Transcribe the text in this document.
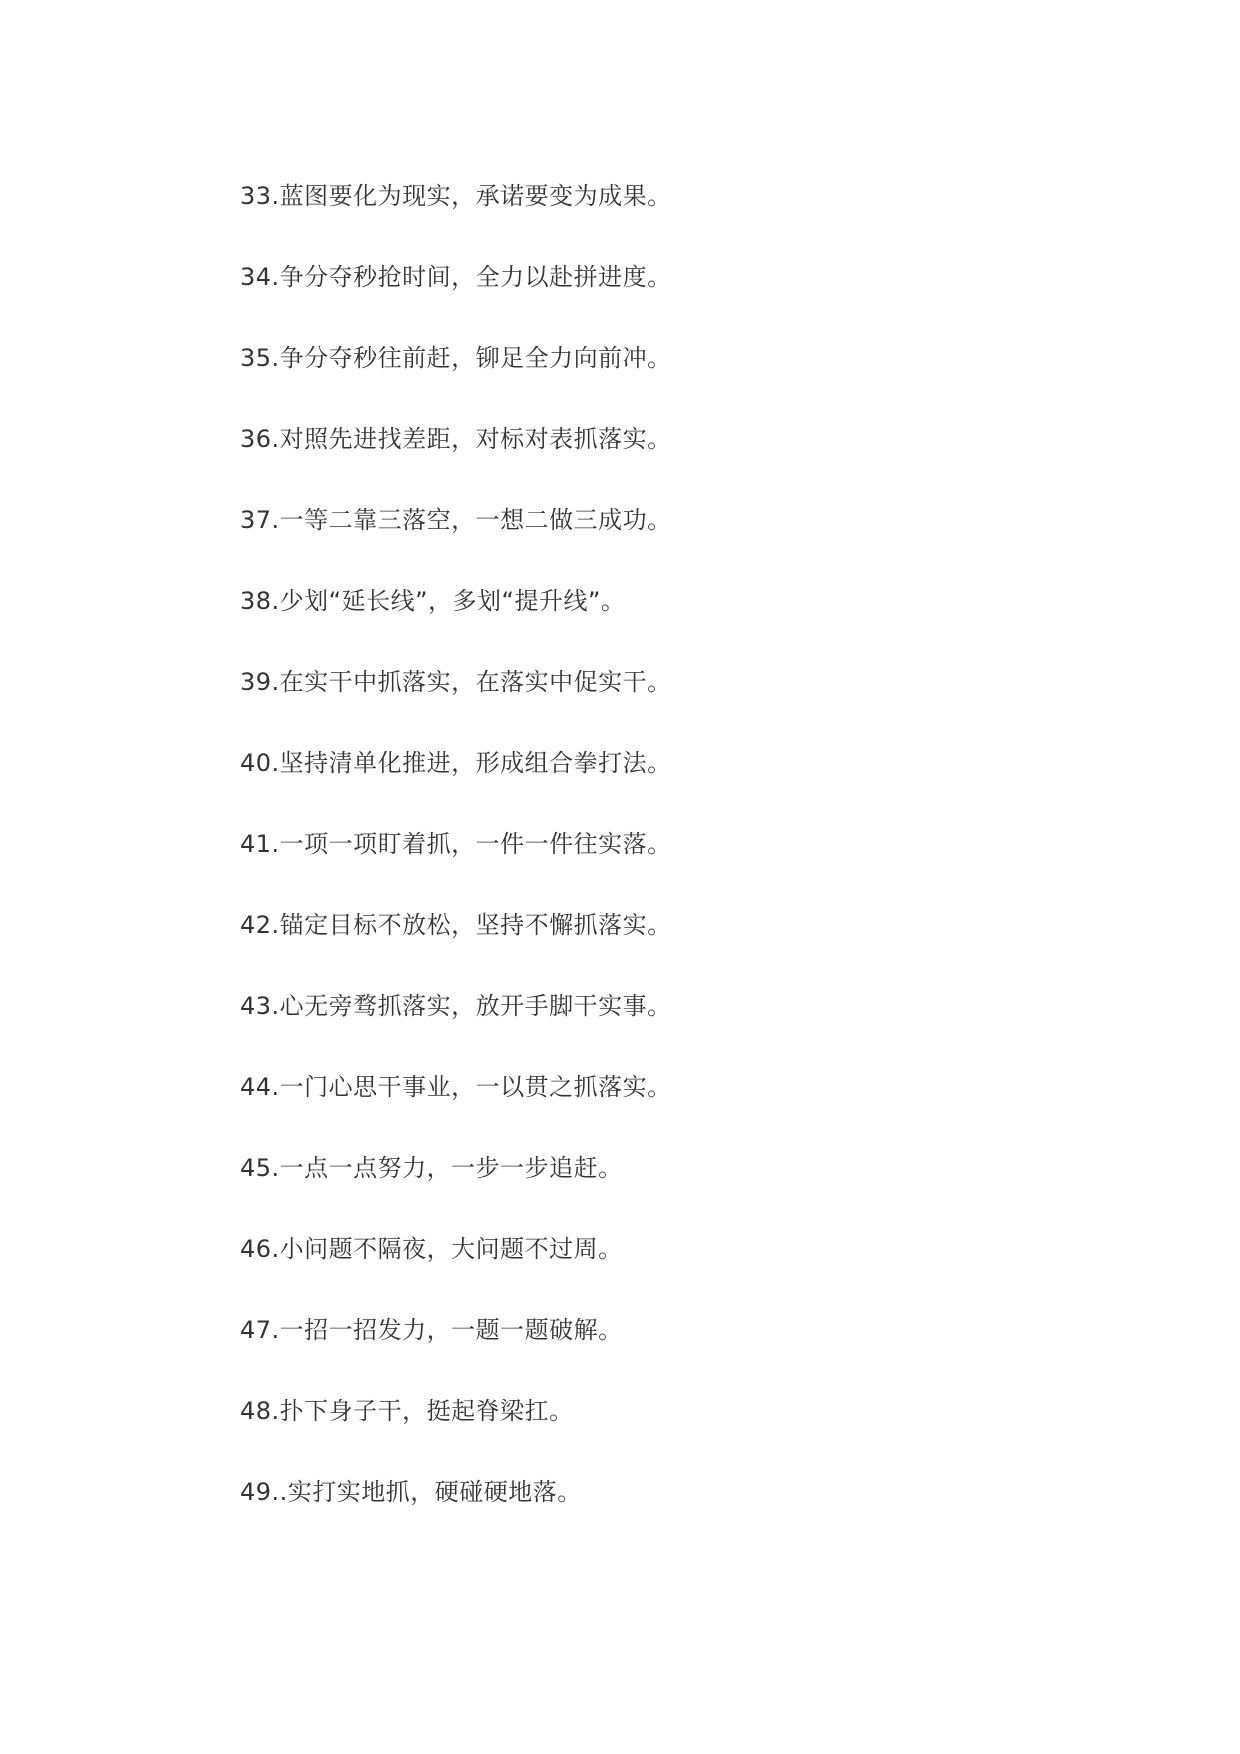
33.蓝图要化为现实，承诺要变为成果。
34.争分夺秒抢时间，全力以赴拼进度。
35.争分夺秒往前赶，铆足全力向前冲。
36.对照先进找差距，对标对表抓落实。
37.一等二靠三落空，一想二做三成功。
38.少划“延长线”，多划“提升线”。
39.在实干中抓落实，在落实中促实干。
40.坚持清单化推进，形成组合拳打法。
41.一项一项盯着抓，一件一件往实落。
42.锚定目标不放松，坚持不懈抓落实。
43.心无旁骛抓落实，放开手脚干实事。
44.一门心思干事业，一以贯之抓落实。
45.一点一点努力，一步一步追赶。
46.小问题不隔夜，大问题不过周。
47.一招一招发力，一题一题破解。
48.扑下身子干，挺起脊梁扛。
49..实打实地抓，硬碰硬地落。
